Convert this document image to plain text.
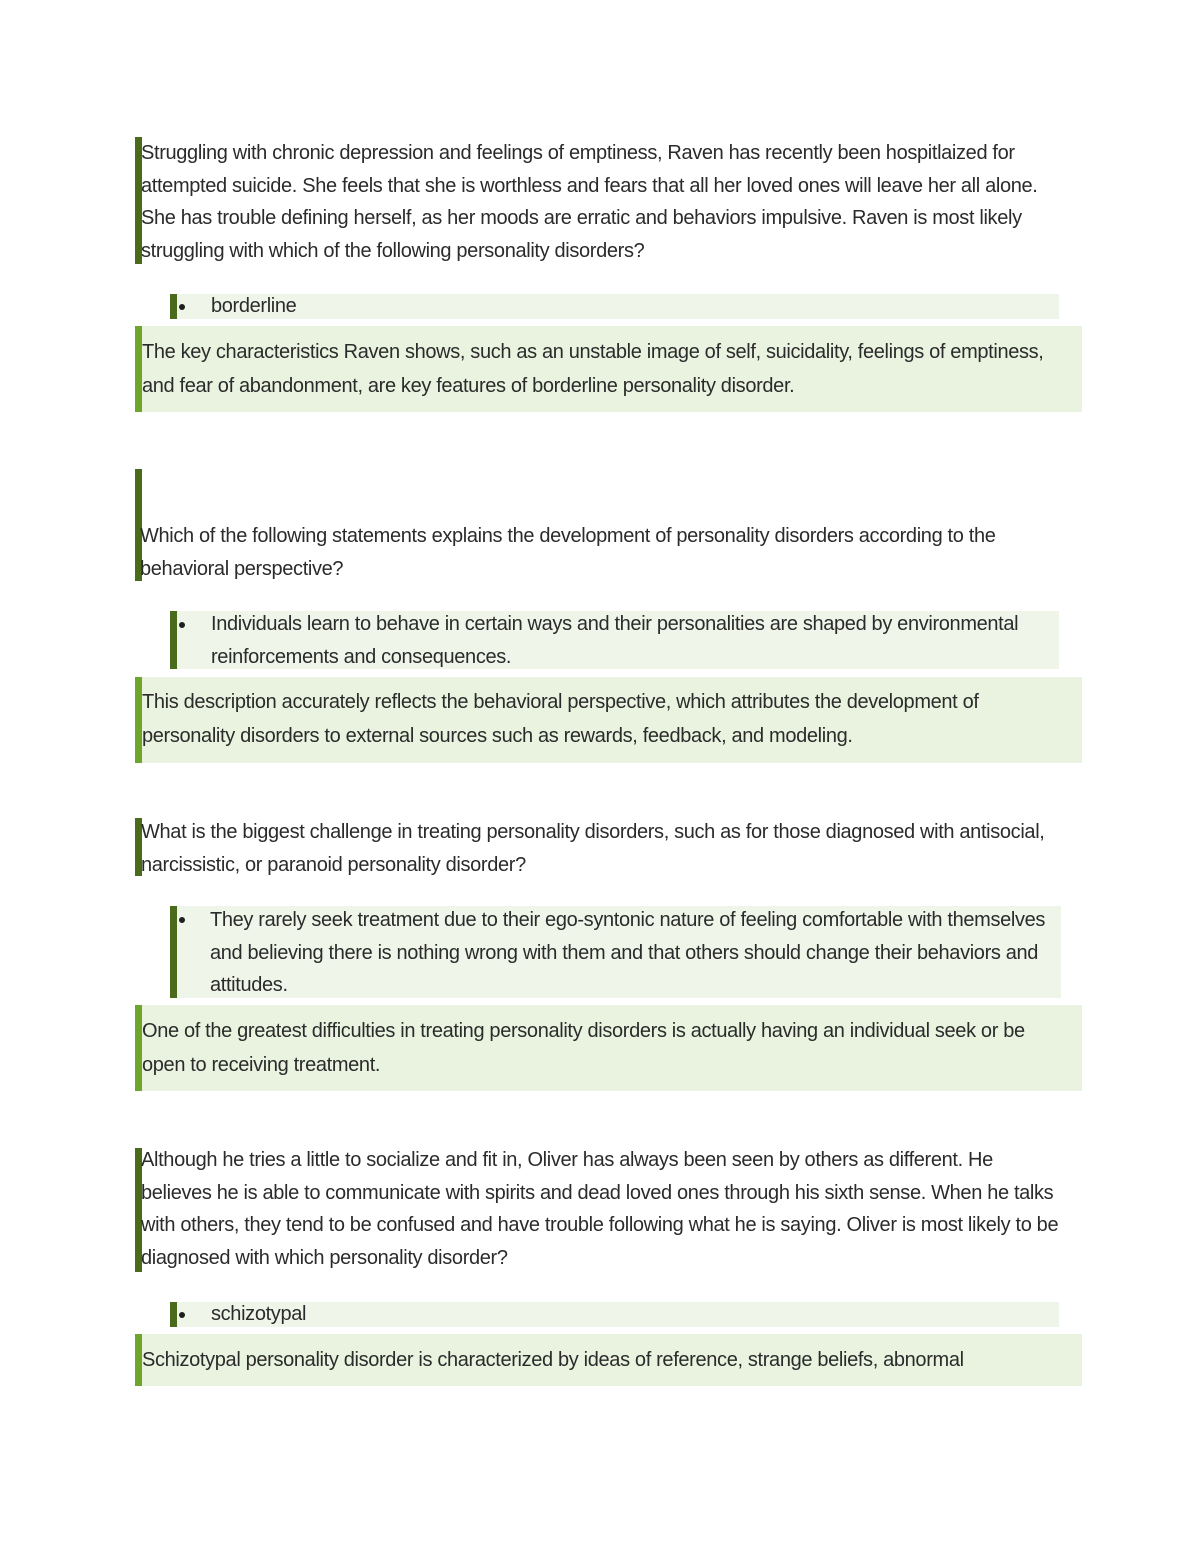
Struggling with chronic depression and feelings of emptiness, Raven has recently been hospitlaized for attempted suicide. She feels that she is worthless and fears that all her loved ones will leave her all alone. She has trouble defining herself, as her moods are erratic and behaviors impulsive. Raven is most likely struggling with which of the following personality disorders?
borderline
The key characteristics Raven shows, such as an unstable image of self, suicidality, feelings of emptiness, and fear of abandonment, are key features of borderline personality disorder.
Which of the following statements explains the development of personality disorders according to the behavioral perspective?
Individuals learn to behave in certain ways and their personalities are shaped by environmental reinforcements and consequences.
This description accurately reflects the behavioral perspective, which attributes the development of personality disorders to external sources such as rewards, feedback, and modeling.
What is the biggest challenge in treating personality disorders, such as for those diagnosed with antisocial, narcissistic, or paranoid personality disorder?
They rarely seek treatment due to their ego-syntonic nature of feeling comfortable with themselves and believing there is nothing wrong with them and that others should change their behaviors and attitudes.
One of the greatest difficulties in treating personality disorders is actually having an individual seek or be open to receiving treatment.
Although he tries a little to socialize and fit in, Oliver has always been seen by others as different. He believes he is able to communicate with spirits and dead loved ones through his sixth sense. When he talks with others, they tend to be confused and have trouble following what he is saying. Oliver is most likely to be diagnosed with which personality disorder?
schizotypal
Schizotypal personality disorder is characterized by ideas of reference, strange beliefs, abnormal
